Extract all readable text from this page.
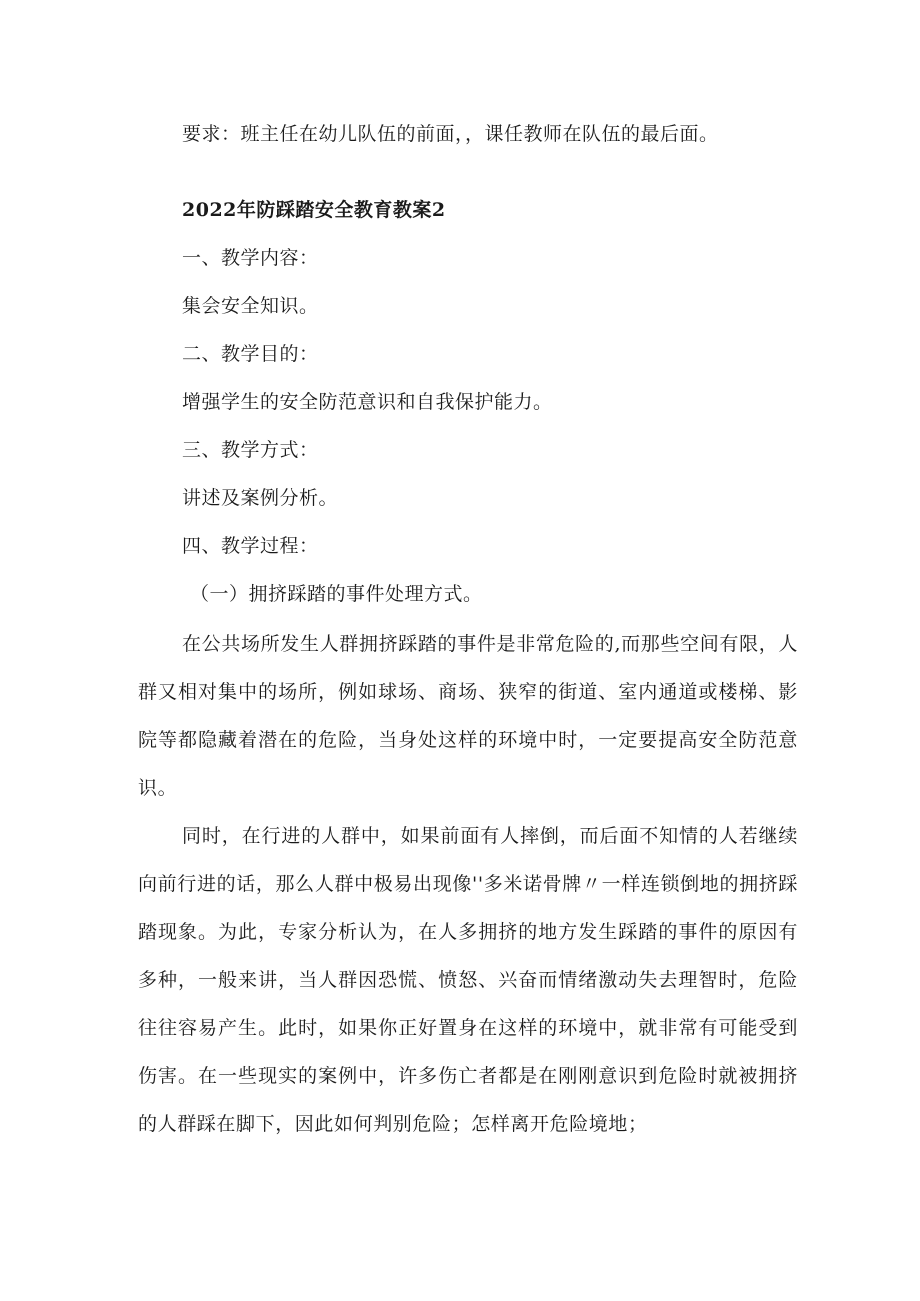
要求：班主任在幼儿队伍的前面，，课任教师在队伍的最后面。

2022年防踩踏安全教育教案2

一、教学内容：

集会安全知识。

二、教学目的：

增强学生的安全防范意识和自我保护能力。

三、教学方式：

讲述及案例分析。

四、教学过程：

（一）拥挤踩踏的事件处理方式。

在公共场所发生人群拥挤踩踏的事件是非常危险的,而那些空间有限，人群又相对集中的场所，例如球场、商场、狭窄的街道、室内通道或楼梯、影院等都隐藏着潜在的危险，当身处这样的环境中时，一定要提高安全防范意识。

同时，在行进的人群中，如果前面有人摔倒，而后面不知情的人若继续向前行进的话，那么人群中极易出现像''多米诺骨牌〃一样连锁倒地的拥挤踩踏现象。为此，专家分析认为，在人多拥挤的地方发生踩踏的事件的原因有多种，一般来讲，当人群因恐慌、愤怒、兴奋而情绪激动失去理智时，危险往往容易产生。此时，如果你正好置身在这样的环境中，就非常有可能受到伤害。在一些现实的案例中，许多伤亡者都是在刚刚意识到危险时就被拥挤的人群踩在脚下，因此如何判别危险；怎样离开危险境地；
